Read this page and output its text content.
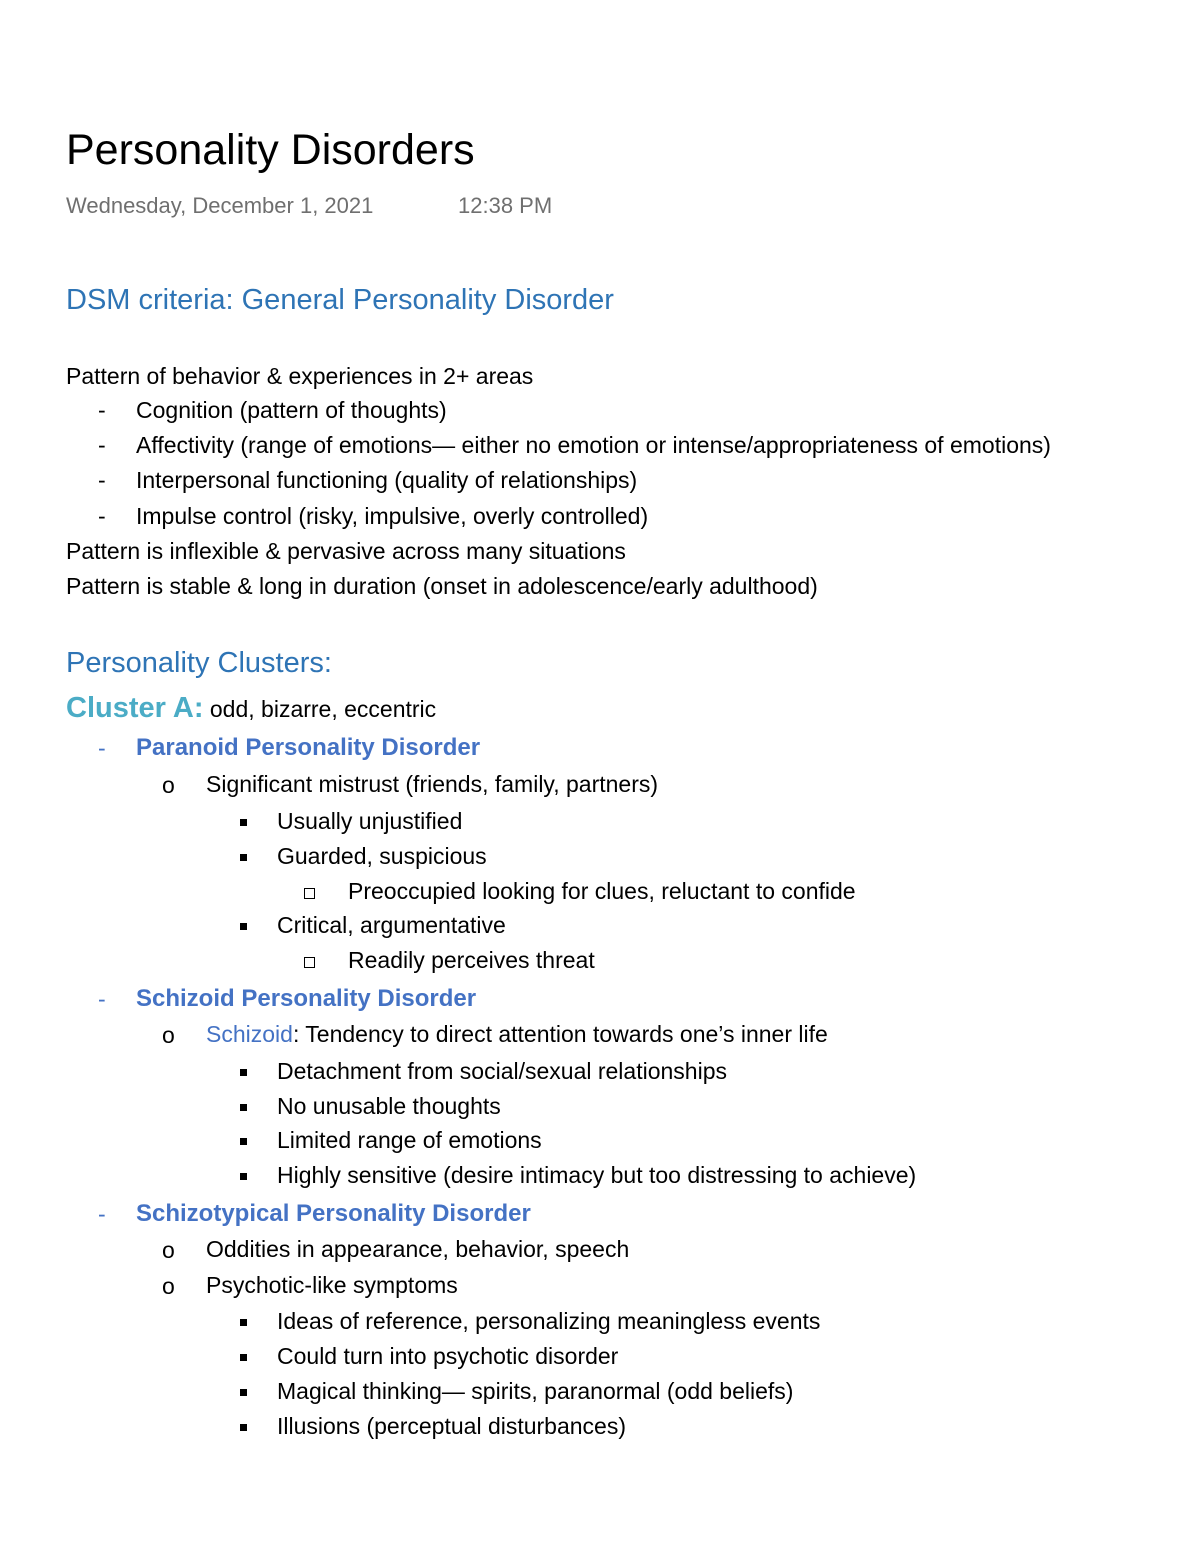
Personality Disorders
Wednesday, December 1, 2021	12:38 PM
DSM criteria: General Personality Disorder
Pattern of behavior & experiences in 2+ areas
- Cognition (pattern of thoughts)
- Affectivity (range of emotions— either no emotion or intense/appropriateness of emotions)
- Interpersonal functioning (quality of relationships)
- Impulse control (risky, impulsive, overly controlled)
Pattern is inflexible & pervasive across many situations
Pattern is stable & long in duration (onset in adolescence/early adulthood)
Personality Clusters:
Cluster A: odd, bizarre, eccentric
- Paranoid Personality Disorder
o Significant mistrust (friends, family, partners)
Usually unjustified
Guarded, suspicious
Preoccupied looking for clues, reluctant to confide
Critical, argumentative
Readily perceives threat
- Schizoid Personality Disorder
o Schizoid: Tendency to direct attention towards one’s inner life
Detachment from social/sexual relationships
No unusable thoughts
Limited range of emotions
Highly sensitive (desire intimacy but too distressing to achieve)
- Schizotypical Personality Disorder
o Oddities in appearance, behavior, speech
o Psychotic-like symptoms
Ideas of reference, personalizing meaningless events
Could turn into psychotic disorder
Magical thinking— spirits, paranormal (odd beliefs)
Illusions (perceptual disturbances)
